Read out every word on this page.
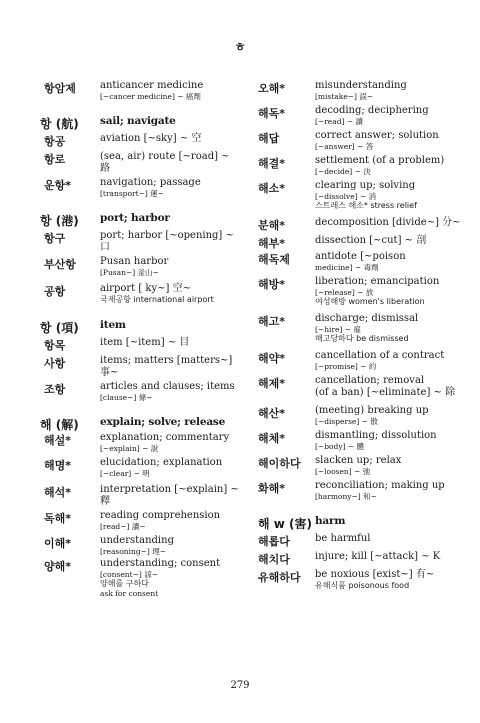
ㅎ
항암제 anticancer medicine
[~cancer medicine] ~ 癌劑
항 (航) sail; navigate
항공	aviation [~sky] ~ 空
항로	(sea, air) route [~road] ~ 路
운항*	navigation; passage
[transport~] 運~
항 (港) port; harbor
항구	port; harbor [~opening] ~ 口
부산항 Pusan harbor
[Pusan~] 釜山~
공항	airport [ ky~] 空~
국제공항 international airport
항 (項) item
항목	item [~item] ~ 目
사항	items; matters [matters~] 事~
조항	articles and clauses; items
[clause~] 條~
해 (解) explain; solve; release
해설*	explanation; commentary
[~explain] ~ 說
해명*	elucidation; explanation
[~clear] ~ 明
해석*	interpretation [~explain] ~ 釋
독해*	reading comprehension
[read~] 讀~
이해*	understanding
[reasoning~] 理~
양해*	understanding; consent
[consent~] 諒~
양해를 구하다
ask for consent
오해*	misunderstanding
[mistake~] 誤~
해독*	decoding; deciphering
[~read] ~ 讀
해답	correct answer; solution
[~answer] ~ 答
해결*	settlement (of a problem)
[~decide] ~ 決
해소*	clearing up; solving
[~dissolve] ~ 消
스트레스 해소* stress relief
분해*	decomposition [divide~] 分~
해부*	dissection [~cut] ~ 剖
해독제	antidote [~poison
medicine] ~ 毒劑
해방*	liberation; emancipation
[~release] ~ 放
여성해방 women's liberation
해고*	discharge; dismissal
[~hire] ~ 雇
해고당하다 be dismissed
해약*	cancellation of a contract
[~promise] ~ 約
해제*	cancellation; removal
(of a ban) [~eliminate] ~ 除
해산*	(meeting) breaking up
[~disperse] ~ 散
해체*	dismantling; dissolution
[~body] ~ 體
해이하다 slacken up; relax
[~loosen] ~ 弛
화해*	reconciliation; making up
[harmony~] 和~
해 w (害) harm
해롭다	be harmful
해치다	injure; kill [~attack] ~ K
유해하다 be noxious [exist~] 有~
유해식품 poisonous food
279
